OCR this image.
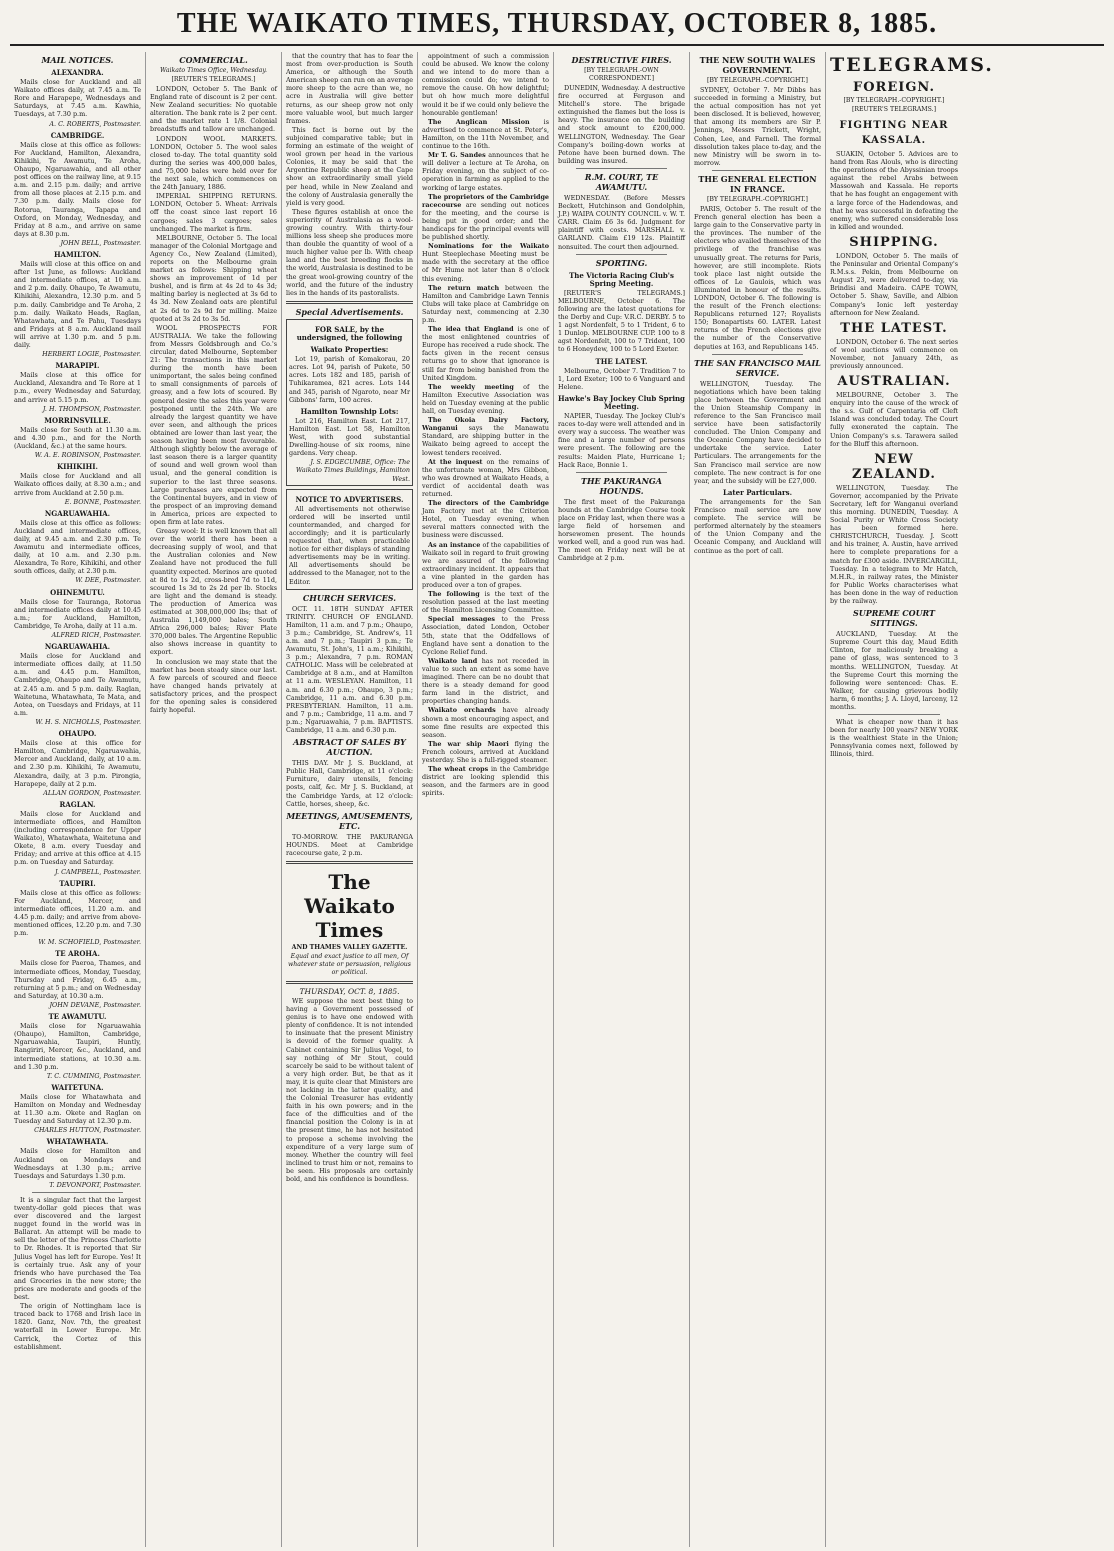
THE WAIKATO TIMES, THURSDAY, OCTOBER 8, 1885.
MAIL NOTICES.
ALEXANDRA.

Mails close for Auckland and all Waikato offices daily, at 7.45 a.m. Te Rore and Harapepe, Wednesdays and Saturdays, at 7.45 a.m. Kawhia, Tuesdays, at 7.30 p.m.

A. C. ROBERTS, Postmaster.
CAMBRIDGE.

Mails close at this office as follows: For Auckland, Hamilton, Alexandra, Kihikihi, Te Awamutu, Te Aroha, Ohaupo, Ngaruawahia, and all other post offices on the railway line, at 9.15 a.m. and 2.15 p.m. daily; and arrive from all those places at 2.15 p.m. and 7.30 p.m. daily. Mails close for Rotorua, Tauranga, Tapapa and Oxford, on Monday, Wednesday, and Friday at 8 a.m., and arrive on same days at 8.30 p.m.

JOHN BELL, Postmaster.
HAMILTON.

Mails will close at this office on and after 1st June, as follows: Auckland and intermediate offices, at 10 a.m. and 2 p.m. daily. Ohaupo, Te Awamutu, Kihikihi, Alexandra, 12.30 p.m. and 5 p.m. daily. Cambridge and Te Aroha, 2 p.m. daily. Waikato Heads, Raglan, Whatawhata, and Te Pahu, Tuesdays and Fridays at 8 a.m. Auckland mail will arrive at 1.30 p.m. and 5 p.m. daily.

HERBERT LOGIE, Postmaster.
MARAPIPI.

Mails close at this office for Auckland, Alexandra and Te Rore at 1 p.m., every Wednesday and Saturday, and arrive at 5.15 p.m.

J. H. THOMPSON, Postmaster.
MORRINSVILLE.

Mails close for South at 11.30 a.m. and 4.30 p.m., and for the North (Auckland, &c.) at the same hours.

W. A. E. ROBINSON, Postmaster.
KIHIKIHI.

Mails close for Auckland and all Waikato offices daily, at 8.30 a.m.; and arrive from Auckland at 2.50 p.m.

E. BONNE, Postmaster.
NGARUAWAHIA.

Mails close at this office as follows: Auckland and intermediate offices, daily, at 9.45 a.m. and 2.30 p.m. Te Awamutu and intermediate offices, daily, at 10 a.m. and 2.30 p.m. Alexandra, Te Rore, Kihikihi, and other south offices, daily, at 2.30 p.m.

W. DEE, Postmaster.
OHINEMUTU.

Mails close for Tauranga, Rotorua and intermediate offices daily at 10.45 a.m.; for Auckland, Hamilton, Cambridge, Te Aroha, daily at 11 a.m.

ALFRED RICH, Postmaster.
NGARUAWAHIA.

Mails close for Auckland and intermediate offices daily, at 11.50 a.m. and 4.45 p.m. Hamilton, Cambridge, Ohaupo and Te Awamutu, at 2.45 a.m. and 5 p.m. daily. Raglan, Waitetuna, Whatawhata, Te Mata, and Aotea, on Tuesdays and Fridays, at 11 a.m.

W. H. S. NICHOLLS, Postmaster.
OHAUPO.

Mails close at this office for Hamilton, Cambridge, Ngaruawahia, Mercer and Auckland, daily, at 10 a.m. and 2.30 p.m. Kihikihi, Te Awamutu, Alexandra, daily, at 3 p.m. Pirongia, Harapepe, daily at 2 p.m.

ALLAN GORDON, Postmaster.
RAGLAN.

Mails close for Auckland and intermediate offices, and Hamilton (including correspondence for Upper Waikato), Whatawhata, Waitetuna and Okete, 8 a.m. every Tuesday and Friday; and arrive at this office at 4.15 p.m. on Tuesday and Saturday.

J. CAMPBELL, Postmaster.
TAUPIRI.

Mails close at this office as follows: For Auckland, Mercer, and intermediate offices, 11.20 a.m. and 4.45 p.m. daily; and arrive from above-mentioned offices, 12.20 p.m. and 7.30 p.m.

W. M. SCHOFIELD, Postmaster.
TE AROHA.

Mails close for Paeroa, Thames, and intermediate offices, Monday, Tuesday, Thursday and Friday, 6.45 a.m., returning at 5 p.m.; and on Wednesday and Saturday, at 10.30 a.m.

JOHN DEVANE, Postmaster.
TE AWAMUTU.

Mails close for Ngaruawahia (Ohaupo), Hamilton, Cambridge, Ngaruawahia, Taupiri, Huntly, Rangiriri, Mercer, &c., Auckland, and intermediate stations, at 10.30 a.m. and 1.30 p.m.

T. C. CUMMING, Postmaster.
WAITETUNA.

Mails close for Whatawhata and Hamilton on Monday and Wednesday at 11.30 a.m. Okete and Raglan on Tuesday and Saturday at 12.30 p.m.

CHARLES HUTTON, Postmaster.
WHATAWHATA.

Mails close for Hamilton and Auckland on Mondays and Wednesdays at 1.30 p.m.; arrive Tuesdays and Saturdays 1.30 p.m.

T. DEVONPORT, Postmaster.

It is a singular fact that the largest twenty-dollar gold pieces that was ever discovered and the largest nugget found in the world was in Ballarat. An attempt will be made to sell the letter of the Princess Charlotte to Dr. Rhodes. It is reported that Sir Julius Vogel has left for Europe. Yes! It is certainly true. Ask any of your friends who have purchased the Tea and Groceries in the new store; the prices are moderate and goods of the best.

The origin of Nottingham lace is traced back to 1768 and Irish lace in 1820. Ganz, Nov. 7th, the greatest waterfall in Lower Europe. Mr. Carrick, the Cortez of this establishment.

COMMERCIAL.
Waikato Times Office, Wednesday.
[REUTER'S TELEGRAMS.]

LONDON, October 5. The Bank of England rate of discount is 2 per cent. New Zealand securities: No quotable alteration. The bank rate is 2 per cent. and the market rate 1 1/8. Colonial breadstuffs and tallow are unchanged.

LONDON WOOL MARKETS. LONDON, October 5. The wool sales closed to-day. The total quantity sold during the series was 400,000 bales, and 75,000 bales were held over for the next sale, which commences on the 24th January, 1886.

IMPERIAL SHIPPING RETURNS. LONDON, October 5. Wheat: Arrivals off the coast since last report 16 cargoes; sales 3 cargoes; sales unchanged. The market is firm.

MELBOURNE, October 5. The local manager of the Colonial Mortgage and Agency Co., New Zealand (Limited), reports on the Melbourne grain market as follows: Shipping wheat shows an improvement of 1d per bushel, and is firm at 4s 2d to 4s 3d; malting barley is neglected at 3s 6d to 4s 3d. New Zealand oats are plentiful at 2s 6d to 2s 9d for milling. Maize quoted at 3s 2d to 3s 5d.

WOOL PROSPECTS FOR AUSTRALIA. We take the following from Messrs Goldsbrough and Co.'s circular, dated Melbourne, September 21: The transactions in this market during the month have been unimportant, the sales being confined to small consignments of parcels of greasy, and a few lots of scoured. By general desire the sales this year were postponed until the 24th. We are already the largest quantity we have ever seen, and although the prices obtained are lower than last year, the season having been most favourable. Although slightly below the average of last season there is a larger quantity of sound and well grown wool than usual, and the general condition is superior to the last three seasons. Large purchases are expected from the Continental buyers, and in view of the prospect of an improving demand in America, prices are expected to open firm at late rates.

Greasy wool: It is well known that all over the world there has been a decreasing supply of wool, and that the Australian colonies and New Zealand have not produced the full quantity expected. Merinos are quoted at 8d to 1s 2d, cross-bred 7d to 11d, scoured 1s 3d to 2s 2d per lb. Stocks are light and the demand is steady. The production of America was estimated at 308,000,000 lbs; that of Australia 1,149,000 bales; South Africa 296,000 bales; River Plate 370,000 bales. The Argentine Republic also shows increase in quantity to export.

In conclusion we may state that the market has been steady since our last. A few parcels of scoured and fleece have changed hands privately at satisfactory prices, and the prospect for the opening sales is considered fairly hopeful.

that the country that has to fear the most from over-production is South America, or although the South American sheep can run on an average more sheep to the acre than we, no acre in Australia will give better returns, as our sheep grow not only more valuable wool, but much larger frames.

This fact is borne out by the subjoined comparative table; but in forming an estimate of the weight of wool grown per head in the various Colonies, it may be said that the Argentine Republic sheep at the Cape show an extraordinarily small yield per head, while in New Zealand and the colony of Australasia generally the yield is very good.

These figures establish at once the superiority of Australasia as a wool-growing country. With thirty-four millions less sheep she produces more than double the quantity of wool of a much higher value per lb. With cheap land and the best breeding flocks in the world, Australasia is destined to be the great wool-growing country of the world, and the future of the industry lies in the hands of its pastoralists.

Special Advertisements.
FOR SALE, by the undersigned, the following
Waikato Properties:

Lot 19, parish of Komakorau, 20 acres. Lot 94, parish of Pukete, 50 acres. Lots 182 and 185, parish of Tuhikaramea, 821 acres. Lots 144 and 345, parish of Ngaroto, near Mr Gibbons' farm, 100 acres.

Hamilton Township Lots:

Lot 216, Hamilton East. Lot 217, Hamilton East. Lot 58, Hamilton West, with good substantial Dwelling-house of six rooms, nine gardens. Very cheap.

J. S. EDGECUMBE, Office: The Waikato Times Buildings, Hamilton West.
NOTICE TO ADVERTISERS.

All advertisements not otherwise ordered will be inserted until countermanded, and charged for accordingly; and it is particularly requested that, when practicable notice for either displays of standing advertisements may be in writing. All advertisements should be addressed to the Manager, not to the Editor.

CHURCH SERVICES.

OCT. 11. 18TH SUNDAY AFTER TRINITY. CHURCH OF ENGLAND. Hamilton, 11 a.m. and 7 p.m.; Ohaupo, 3 p.m.; Cambridge, St. Andrew's, 11 a.m. and 7 p.m.; Taupiri 3 p.m.; Te Awamutu, St. John's, 11 a.m.; Kihikihi, 3 p.m.; Alexandra, 7 p.m. ROMAN CATHOLIC. Mass will be celebrated at Cambridge at 8 a.m., and at Hamilton at 11 a.m. WESLEYAN. Hamilton, 11 a.m. and 6.30 p.m.; Ohaupo, 3 p.m.; Cambridge, 11 a.m. and 6.30 p.m. PRESBYTERIAN. Hamilton, 11 a.m. and 7 p.m.; Cambridge, 11 a.m. and 7 p.m.; Ngaruawahia, 7 p.m. BAPTISTS. Cambridge, 11 a.m. and 6.30 p.m.

ABSTRACT OF SALES BY AUCTION.

THIS DAY. Mr J. S. Buckland, at Public Hall, Cambridge, at 11 o'clock: Furniture, dairy utensils, fencing posts, calf, &c. Mr J. S. Buckland, at the Cambridge Yards, at 12 o'clock: Cattle, horses, sheep, &c.

MEETINGS, AMUSEMENTS, ETC.

TO-MORROW. THE PAKURANGA HOUNDS. Meet at Cambridge racecourse gate, 2 p.m.

The Waikato Times
AND THAMES VALLEY GAZETTE.
Equal and exact justice to all men, Of whatever state or persuasion, religious or political.
THURSDAY, OCT. 8, 1885.

WE suppose the next best thing to having a Government possessed of genius is to have one endowed with plenty of confidence. It is not intended to insinuate that the present Ministry is devoid of the former quality. A Cabinet containing Sir Julius Vogel, to say nothing of Mr Stout, could scarcely be said to be without talent of a very high order. But, be that as it may, it is quite clear that Ministers are not lacking in the latter quality, and the Colonial Treasurer has evidently faith in his own powers; and in the face of the difficulties and of the financial position the Colony is in at the present time, he has not hesitated to propose a scheme involving the expenditure of a very large sum of money. Whether the country will feel inclined to trust him or not, remains to be seen. His proposals are certainly bold, and his confidence is boundless.

appointment of such a commission could be abused. We know the colony and we intend to do more than a commission could do; we intend to remove the cause. Oh how delightful; but oh how much more delightful would it be if we could only believe the honourable gentleman!

The Anglican Mission is advertised to commence at St. Peter's, Hamilton, on the 11th November, and continue to the 16th.

Mr T. G. Sandes announces that he will deliver a lecture at Te Aroha, on Friday evening, on the subject of co-operation in farming as applied to the working of large estates.

The proprietors of the Cambridge racecourse are sending out notices for the meeting, and the course is being put in good order; and the handicaps for the principal events will be published shortly.

Nominations for the Waikato Hunt Steeplechase Meeting must be made with the secretary at the office of Mr Hume not later than 8 o'clock this evening.

The return match between the Hamilton and Cambridge Lawn Tennis Clubs will take place at Cambridge on Saturday next, commencing at 2.30 p.m.

The idea that England is one of the most enlightened countries of Europe has received a rude shock. The facts given in the recent census returns go to show that ignorance is still far from being banished from the United Kingdom.

The weekly meeting of the Hamilton Executive Association was held on Tuesday evening at the public hall, on Tuesday evening.

The Okoia Dairy Factory, Wanganui says the Manawatu Standard, are shipping butter in the Waikato being agreed to accept the lowest tenders received.

At the inquest on the remains of the unfortunate woman, Mrs Gibbon, who was drowned at Waikato Heads, a verdict of accidental death was returned.

The directors of the Cambridge Jam Factory met at the Criterion Hotel, on Tuesday evening, when several matters connected with the business were discussed.

As an instance of the capabilities of Waikato soil in regard to fruit growing we are assured of the following extraordinary incident. It appears that a vine planted in the garden has produced over a ton of grapes.

The following is the text of the resolution passed at the last meeting of the Hamilton Licensing Committee.

Special messages to the Press Association, dated London, October 5th, state that the Oddfellows of England have sent a donation to the Cyclone Relief fund.

Waikato land has not receded in value to such an extent as some have imagined. There can be no doubt that there is a steady demand for good farm land in the district, and properties changing hands.

Waikato orchards have already shown a most encouraging aspect, and some fine results are expected this season.

The war ship Maori flying the French colours, arrived at Auckland yesterday. She is a full-rigged steamer.

The wheat crops in the Cambridge district are looking splendid this season, and the farmers are in good spirits.

DESTRUCTIVE FIRES.
[BY TELEGRAPH.-OWN CORRESPONDENT.]

DUNEDIN, Wednesday. A destructive fire occurred at Ferguson and Mitchell's store. The brigade extinguished the flames but the loss is heavy. The insurance on the building and stock amount to £200,000. WELLINGTON, Wednesday. The Gear Company's boiling-down works at Petone have been burned down. The building was insured.

R.M. COURT, TE AWAMUTU.

WEDNESDAY. (Before Messrs Beckett, Hutchinson and Gondolphin, J.P.) WAIPA COUNTY COUNCIL v. W. T. CARR. Claim £6 3s 6d. Judgment for plaintiff with costs. MARSHALL v. GARLAND. Claim £19 12s. Plaintiff nonsuited. The court then adjourned.

SPORTING.
The Victoria Racing Club's Spring Meeting.

[REUTER'S TELEGRAMS.] MELBOURNE, October 6. The following are the latest quotations for the Derby and Cup: V.R.C. DERBY. 5 to 1 agst Nordenfelt, 5 to 1 Trident, 6 to 1 Dunlop. MELBOURNE CUP. 100 to 8 agst Nordenfelt, 100 to 7 Trident, 100 to 6 Honeydew, 100 to 5 Lord Exeter.

THE LATEST.

Melbourne, October 7. Tradition 7 to 1, Lord Exeter; 100 to 6 Vanguard and Helene.

Hawke's Bay Jockey Club Spring Meeting.

NAPIER, Tuesday. The Jockey Club's races to-day were well attended and in every way a success. The weather was fine and a large number of persons were present. The following are the results: Maiden Plate, Hurricane 1; Hack Race, Bonnie 1.

THE PAKURANGA HOUNDS.

The first meet of the Pakuranga hounds at the Cambridge Course took place on Friday last, when there was a large field of horsemen and horsewomen present. The hounds worked well, and a good run was had. The meet on Friday next will be at Cambridge at 2 p.m.

THE NEW SOUTH WALES GOVERNMENT.
[BY TELEGRAPH.-COPYRIGHT.]

SYDNEY, October 7. Mr Dibbs has succeeded in forming a Ministry, but the actual composition has not yet been disclosed. It is believed, however, that among its members are Sir P. Jennings, Messrs Trickett, Wright, Cohen, Lee, and Farnell. The formal dissolution takes place to-day, and the new Ministry will be sworn in to-morrow.

THE GENERAL ELECTION IN FRANCE.
[BY TELEGRAPH.-COPYRIGHT.]

PARIS, October 5. The result of the French general election has been a large gain to the Conservative party in the provinces. The number of the electors who availed themselves of the privilege of the franchise was unusually great. The returns for Paris, however, are still incomplete. Riots took place last night outside the offices of Le Gaulois, which was illuminated in honour of the results. LONDON, October 6. The following is the result of the French elections: Republicans returned 127; Royalists 150; Bonapartists 60. LATER. Latest returns of the French elections give the number of the Conservative deputies at 163, and Republicans 145.

THE SAN FRANCISCO MAIL SERVICE.

WELLINGTON, Tuesday. The negotiations which have been taking place between the Government and the Union Steamship Company in reference to the San Francisco mail service have been satisfactorily concluded. The Union Company and the Oceanic Company have decided to undertake the service. Later Particulars. The arrangements for the San Francisco mail service are now complete. The new contract is for one year, and the subsidy will be £27,000.

Later Particulars.

The arrangements for the San Francisco mail service are now complete. The service will be performed alternately by the steamers of the Union Company and the Oceanic Company, and Auckland will continue as the port of call.

TELEGRAMS.
FOREIGN.
[BY TELEGRAPH.-COPYRIGHT.]
[REUTER'S TELEGRAMS.]
FIGHTING NEAR KASSALA.

SUAKIN, October 5. Advices are to hand from Ras Alouls, who is directing the operations of the Abyssinian troops against the rebel Arabs between Massowah and Kassala. He reports that he has fought an engagement with a large force of the Hadendowas, and that he was successful in defeating the enemy, who suffered considerable loss in killed and wounded.

SHIPPING.

LONDON, October 5. The mails of the Peninsular and Oriental Company's R.M.s.s. Pekin, from Melbourne on August 23, were delivered to-day, via Brindisi and Madeira. CAPE TOWN, October 5. Shaw, Saville, and Albion Company's Ionic left yesterday afternoon for New Zealand.

THE LATEST.

LONDON, October 6. The next series of wool auctions will commence on November, not January 24th, as previously announced.

AUSTRALIAN.

MELBOURNE, October 3. The enquiry into the cause of the wreck of the s.s. Gulf of Carpentaria off Cleft Island was concluded today. The Court fully exonerated the captain. The Union Company's s.s. Tarawera sailed for the Bluff this afternoon.

NEW ZEALAND.

WELLINGTON, Tuesday. The Governor, accompanied by the Private Secretary, left for Wanganui overland this morning. DUNEDIN, Tuesday. A Social Purity or White Cross Society has been formed here. CHRISTCHURCH, Tuesday. J. Scott and his trainer, A. Austin, have arrived here to complete preparations for a match for £300 aside. INVERCARGILL, Tuesday. In a telegram to Mr Hatch, M.H.R., in railway rates, the Minister for Public Works characterises what has been done in the way of reduction by the railway.

SUPREME COURT SITTINGS.

AUCKLAND, Tuesday. At the Supreme Court this day, Maud Edith Clinton, for maliciously breaking a pane of glass, was sentenced to 3 months. WELLINGTON, Tuesday. At the Supreme Court this morning the following were sentenced: Chas. E. Walker, for causing grievous bodily harm, 6 months; J. A. Lloyd, larceny, 12 months.

What is cheaper now than it has been for nearly 100 years? NEW YORK is the wealthiest State in the Union; Pennsylvania comes next, followed by Illinois, third.
